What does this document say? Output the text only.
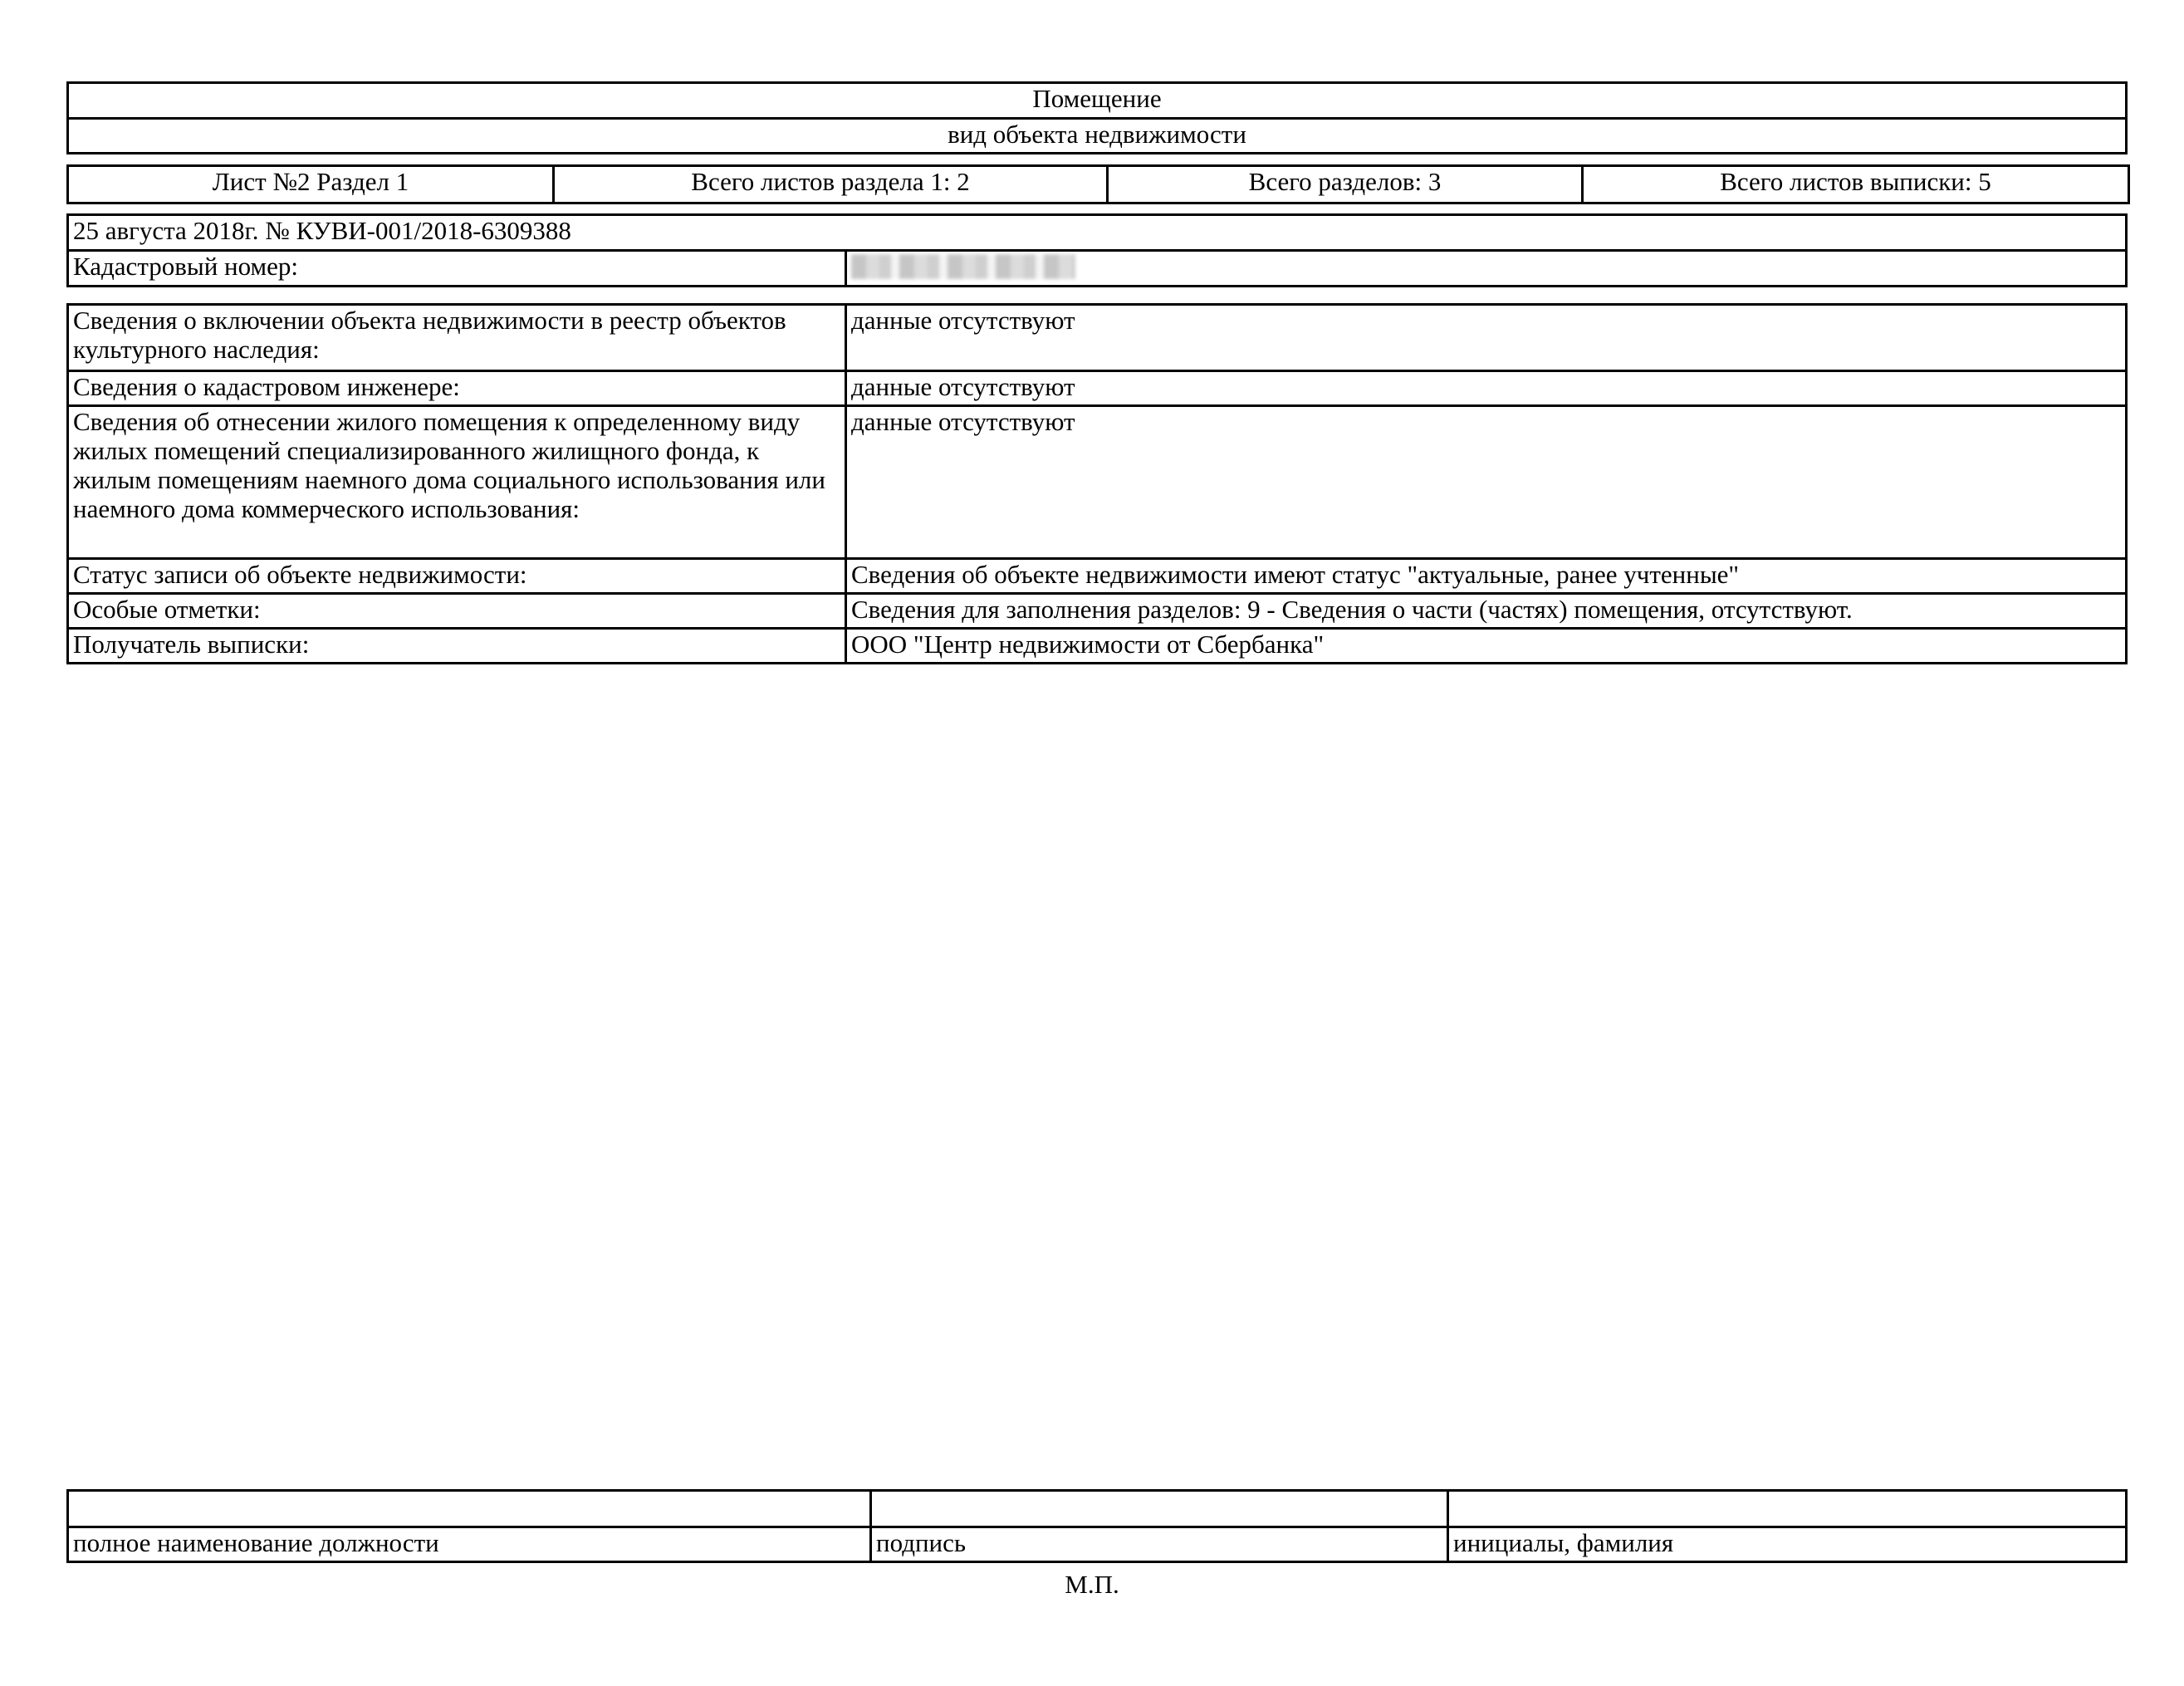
Помещение
вид объекта недвижимости
Лист №2 Раздел 1	Всего листов раздела 1: 2	Всего разделов: 3	Всего листов выписки: 5
25 августа 2018г. № КУВИ-001/2018-6309388
Кадастровый номер:	
Сведения о включении объекта недвижимости в реестр объектов культурного наследия:	данные отсутствуют
Сведения о кадастровом инженере:	данные отсутствуют
Сведения об отнесении жилого помещения к определенному виду жилых помещений специализированного жилищного фонда, к жилым помещениям наемного дома социального использования или наемного дома коммерческого использования:	данные отсутствуют
Статус записи об объекте недвижимости:	Сведения об объекте недвижимости имеют статус "актуальные, ранее учтенные"
Особые отметки:	Сведения для заполнения разделов: 9 - Сведения о части (частях) помещения, отсутствуют.
Получатель выписки:	ООО "Центр недвижимости от Сбербанка"

полное наименование должности	подпись	инициалы, фамилия
М.П.
